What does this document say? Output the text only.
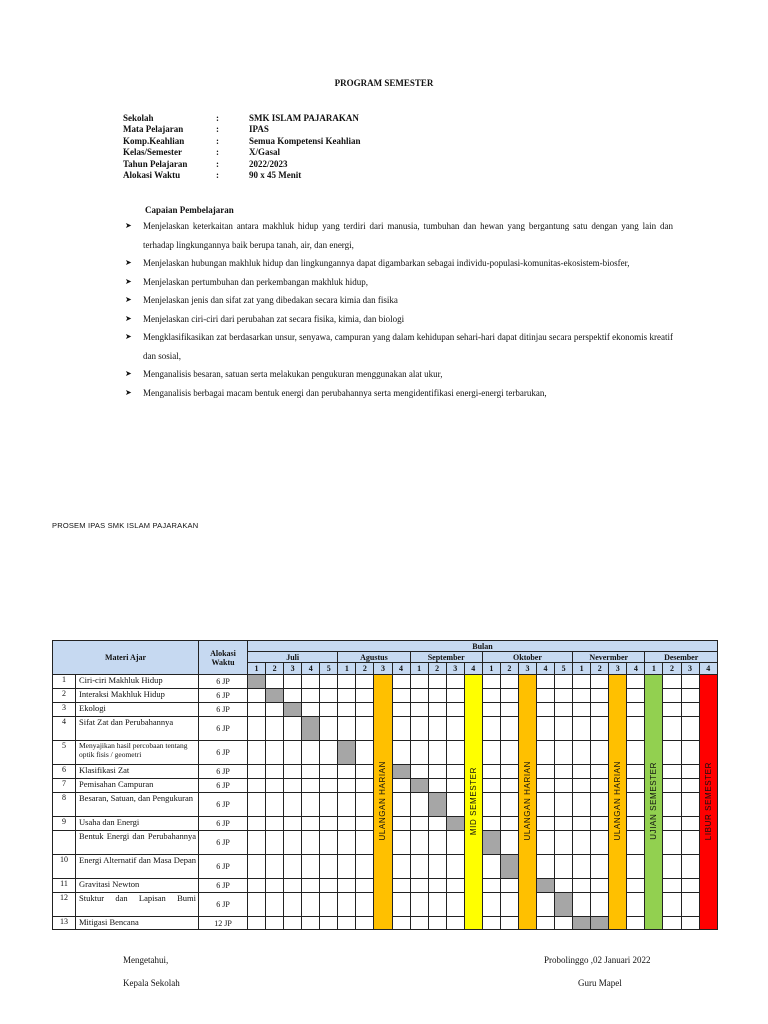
PROGRAM SEMESTER
Sekolah	:	SMK ISLAM PAJARAKAN
Mata Pelajaran	:	IPAS
Komp.Keahlian	:	Semua Kompetensi Keahlian
Kelas/Semester	:	X/Gasal
Tahun Pelajaran	:	2022/2023
Alokasi Waktu	:	90 x 45 Menit
Capaian Pembelajaran
➤ Menjelaskan keterkaitan antara makhluk hidup yang terdiri dari manusia, tumbuhan dan hewan yang bergantung satu dengan yang lain dan terhadap lingkungannya baik berupa tanah, air, dan energi,
➤ Menjelaskan hubungan makhluk hidup dan lingkungannya dapat digambarkan sebagai individu-populasi-komunitas-ekosistem-biosfer,
➤ Menjelaskan pertumbuhan dan perkembangan makhluk hidup,
➤ Menjelaskan jenis dan sifat zat yang dibedakan secara kimia dan fisika
➤ Menjelaskan ciri-ciri dari perubahan zat secara fisika, kimia, dan biologi
➤ Mengklasifikasikan zat berdasarkan unsur, senyawa, campuran yang dalam kehidupan sehari-hari dapat ditinjau secara perspektif ekonomis kreatif dan sosial,
➤ Menganalisis besaran, satuan serta melakukan pengukuran menggunakan alat ukur,
➤ Menganalisis berbagai macam bentuk energi dan perubahannya serta mengidentifikasi energi-energi terbarukan,
PROSEM IPAS SMK ISLAM PAJARAKAN
Materi Ajar		Alokasi Waktu	Bulan																									
			Juli					Agustus				September				Oktober					Nevermber				Desember			
			1	2	3	4	5	1	2	3	4	1	2	3	4	1	2	3	4	5	1	2	3	4	1	2	3	4
1	Ciri-ciri Makhluk Hidup	6 JP								ULANGAN HARIAN					MID SEMESTER			ULANGAN HARIAN					ULANGAN HARIAN		UJIAN SEMESTER			LIBUR SEMESTER
2	Interaksi Makhluk Hidup	6 JP																										
3	Ekologi	6 JP																										
4	Sifat Zat dan Perubahannya	6 JP																										
5	Menyajikan hasil percobaan tentang optik fisis / geometri	6 JP																										
6	Klasifikasi Zat	6 JP																										
7	Pemisahan Campuran	6 JP																										
8	Besaran, Satuan, dan Pengukuran	6 JP																										
9	Usaha dan Energi	6 JP																										
	Bentuk Energi dan Perubahannya	6 JP																										
10	Energi Alternatif dan Masa Depan	6 JP																										
11	Gravitasi Newton	6 JP																										
12	Stuktur dan Lapisan Bumi	6 JP																										
13	Mitigasi Bencana	12 JP																										
Mengetahui,
Kepala Sekolah
Probolinggo ,02 Januari 2022
Guru Mapel
